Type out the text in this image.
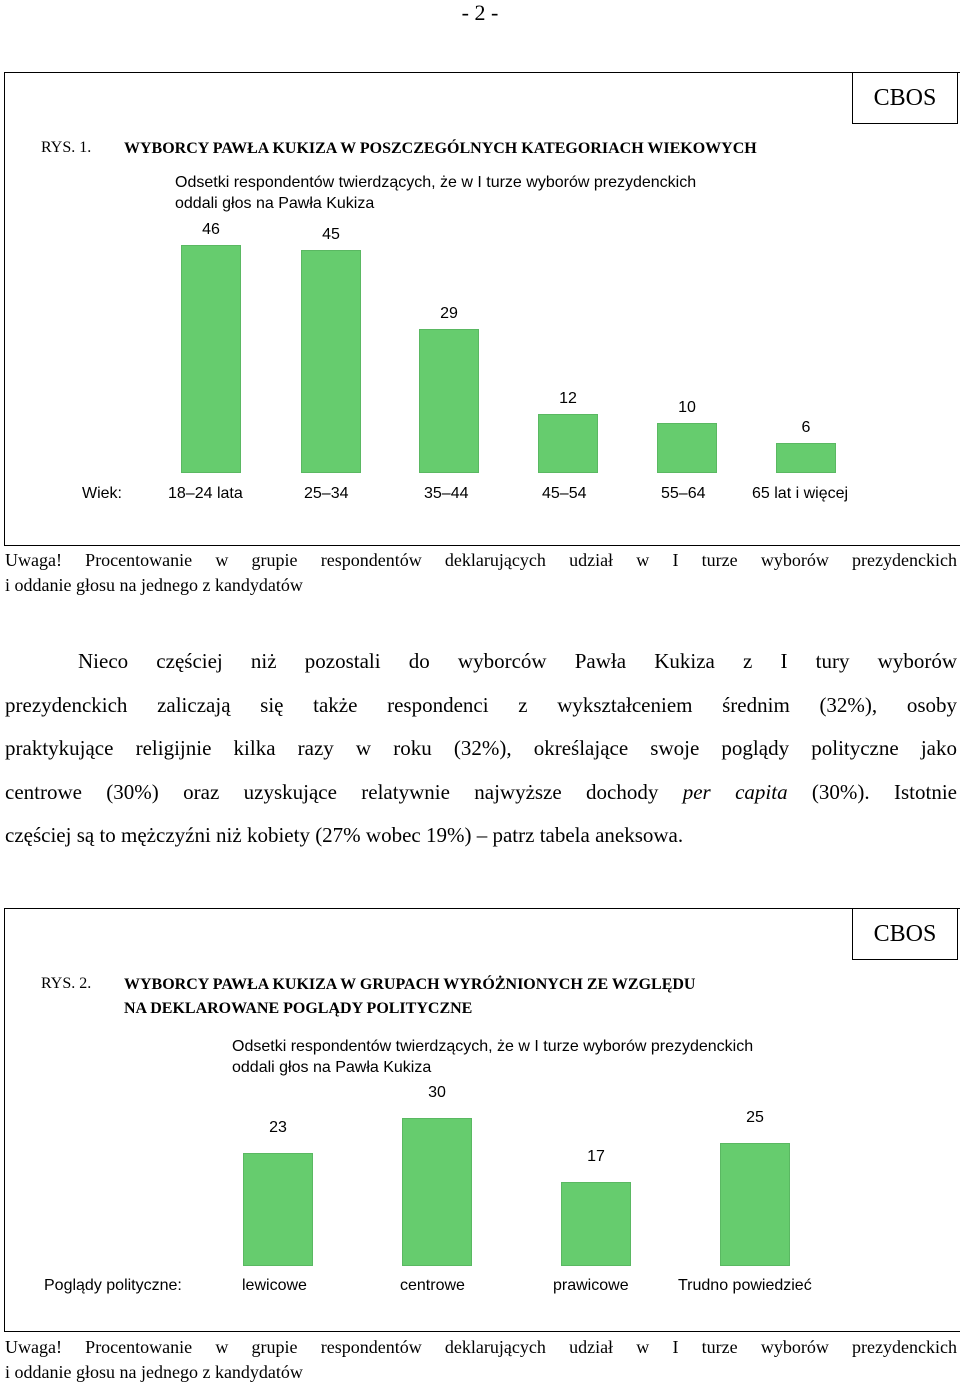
- 2 -
CBOS
RYS. 1. WYBORCY PAWŁA KUKIZA W POSZCZEGÓLNYCH KATEGORIACH WIEKOWYCH
Odsetki respondentów twierdzących, że w I turze wyborów prezydenckich
oddali głos na Pawła Kukiza
46
18–24 lata
45
25–34
29
35–44
12
45–54
10
55–64
6
65 lat i więcej
Wiek:
Uwaga! Procentowanie w grupie respondentów deklarujących udział w I turze wyborów prezydenckich
i oddanie głosu na jednego z kandydatów
Nieco częściej niż pozostali do wyborców Pawła Kukiza z I tury wyborów
prezydenckich zaliczają się także respondenci z wykształceniem średnim (32%), osoby
praktykujące religijnie kilka razy w roku (32%), określające swoje poglądy polityczne jako
centrowe (30%) oraz uzyskujące relatywnie najwyższe dochody per capita (30%). Istotnie
częściej są to mężczyźni niż kobiety (27% wobec 19%) – patrz tabela aneksowa.
CBOS
RYS. 2. WYBORCY PAWŁA KUKIZA W GRUPACH WYRÓŻNIONYCH ZE WZGLĘDU
NA DEKLAROWANE POGLĄDY POLITYCZNE
Odsetki respondentów twierdzących, że w I turze wyborów prezydenckich
oddali głos na Pawła Kukiza
23
lewicowe
30
centrowe
17
prawicowe
25
Trudno powiedzieć
Poglądy polityczne:
Uwaga! Procentowanie w grupie respondentów deklarujących udział w I turze wyborów prezydenckich
i oddanie głosu na jednego z kandydatów
